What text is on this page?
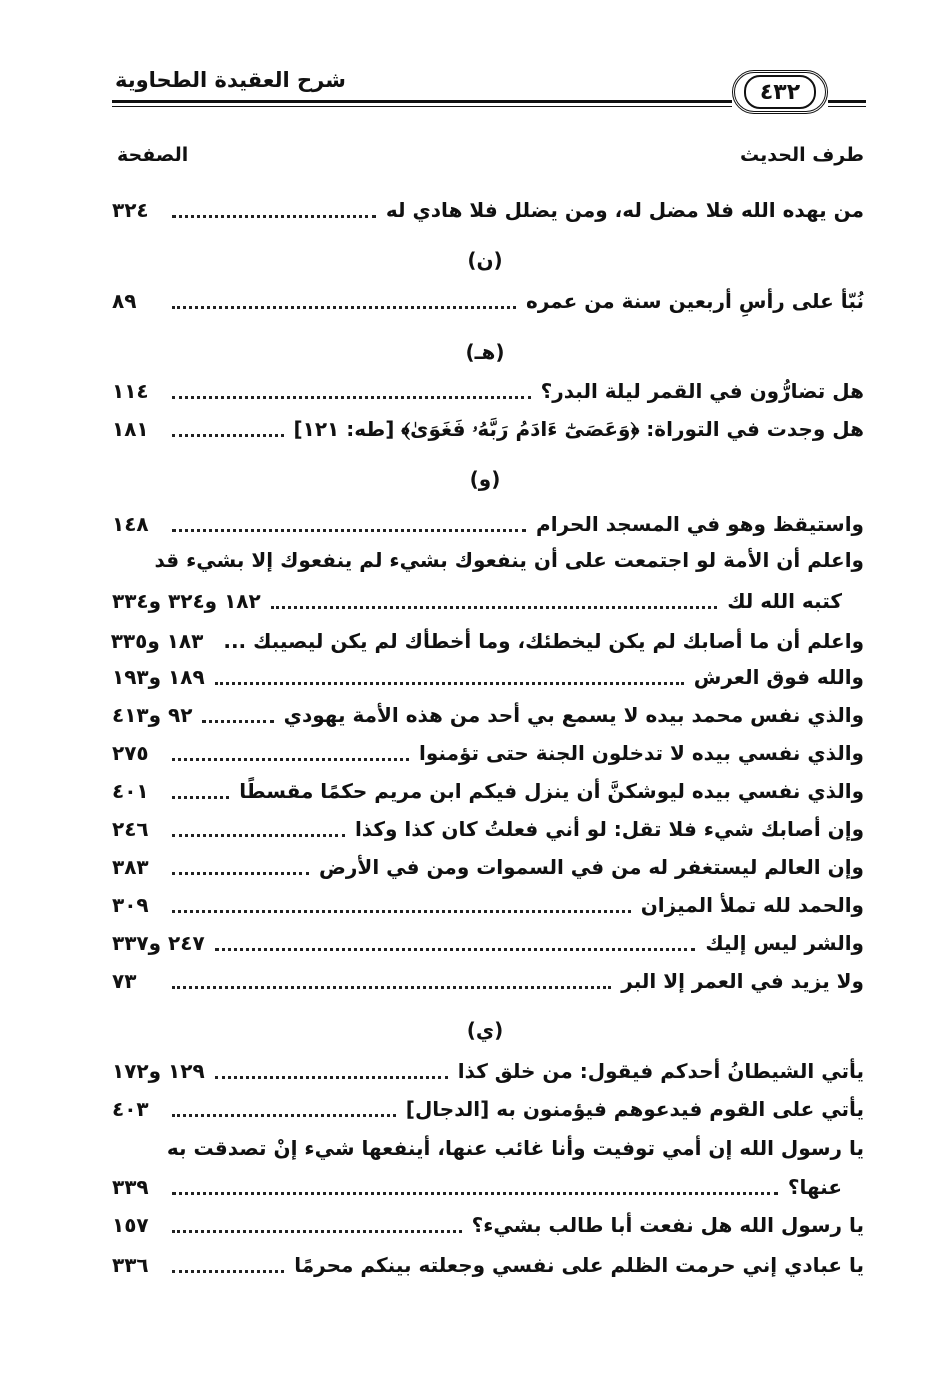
شرح العقيدة الطحاوية	٤٣٢
طرف الحديث
الصفحة
من يهده الله فلا مضل له، ومن يضلل فلا هادي له
٣٢٤
(ن)
نُبّأ على رأسِ أربعين سنة من عمره
٨٩
(هـ)
هل تضارُّون في القمر ليلة البدر؟
١١٤
هل وجدت في التوراة: ﴿وَعَصَىٰٓ ءَادَمُ رَبَّهُۥ فَغَوَىٰ﴾ [طه: ١٢١]
١٨١
(و)
واستيقظ وهو في المسجد الحرام
١٤٨
واعلم أن الأمة لو اجتمعت على أن ينفعوك بشيء لم ينفعوك إلا بشيء قد
كتبه الله لك
١٨٢ و٣٢٤ و٣٣٤
واعلم أن ما أصابك لم يكن ليخطئك، وما أخطأك لم يكن ليصيبك ...
١٨٣ و٣٣٥
والله فوق العرش
١٨٩ و١٩٣
والذي نفس محمد بيده لا يسمع بي أحد من هذه الأمة يهودي
٩٢ و٤١٣
والذي نفسي بيده لا تدخلون الجنة حتى تؤمنوا
٢٧٥
والذي نفسي بيده ليوشكنَّ أن ينزل فيكم ابن مريم حكمًا مقسطًا
٤٠١
وإن أصابك شيء فلا تقل: لو أني فعلتُ كان كذا وكذا
٢٤٦
وإن العالم ليستغفر له من في السموات ومن في الأرض
٣٨٣
والحمد لله تملأ الميزان
٣٠٩
والشر ليس إليك
٢٤٧ و٣٣٧
ولا يزيد في العمر إلا البر
٧٣
(ي)
يأتي الشيطانُ أحدكم فيقول: من خلق كذا
١٢٩ و١٧٢
يأتي على القوم فيدعوهم فيؤمنون به [الدجال]
٤٠٣
يا رسول الله إن أمي توفيت وأنا غائب عنها، أينفعها شيء إنْ تصدقت به
عنها؟
٣٣٩
يا رسول الله هل نفعت أبا طالب بشيء؟
١٥٧
يا عبادي إني حرمت الظلم على نفسي وجعلته بينكم محرمًا
٣٣٦
